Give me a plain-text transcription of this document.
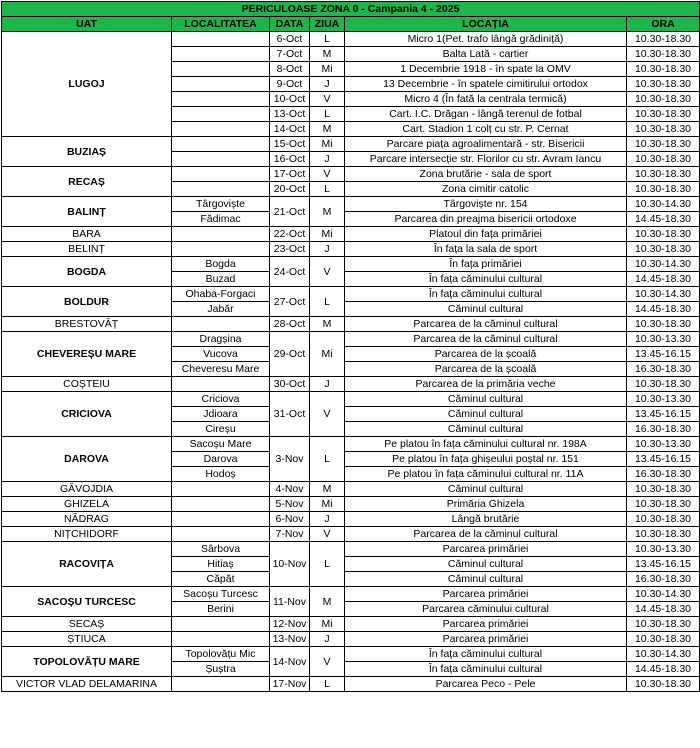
PERICULOASE ZONA 0 - Campania 4 - 2025					
UAT	LOCALITATEA	DATA	ZIUA	LOCAȚIA	ORA
LUGOJ		6-Oct	L	Micro 1(Pet. trafo lângă grădiniță)	10.30-18.30
		7-Oct	M	Balta Lată - cartier	10.30-18.30
		8-Oct	Mi	1 Decembrie 1918 - în spate la OMV	10.30-18.30
		9-Oct	J	13 Decembrie - în spatele cimitirului ortodox	10.30-18.30
		10-Oct	V	Micro 4 (În fată la centrala termică)	10.30-18.30
		13-Oct	L	Cart. I.C. Drăgan - lângă terenul de fotbal	10.30-18.30
		14-Oct	M	Cart. Stadion 1 colț cu str. P. Cernat	10.30-18.30
BUZIAȘ		15-Oct	Mi	Parcare piața agroalimentară - str. Bisericii	10.30-18.30
		16-Oct	J	Parcare intersecție str. Florilor cu str. Avram Iancu	10.30-18.30
RECAȘ		17-Oct	V	Zona brutărie - sala de sport	10.30-18.30
		20-Oct	L	Zona cimitir catolic	10.30-18.30
BALINȚ	Târgoviște	21-Oct	M	Târgoviște nr. 154	10.30-14.30
	Fădimac			Parcarea din preajma bisericii ortodoxe	14.45-18.30
BARA		22-Oct	Mi	Platoul din fața primăriei	10.30-18.30
BELINȚ		23-Oct	J	În fața la sala de sport	10.30-18.30
BOGDA	Bogda	24-Oct	V	În fața primăriei	10.30-14.30
	Buzad			În fața căminului cultural	14.45-18.30
BOLDUR	Ohaba-Forgaci	27-Oct	L	În fața căminului cultural	10.30-14.30
	Jabăr			Căminul cultural	14.45-18.30
BRESTOVĂȚ		28-Oct	M	Parcarea de la căminul cultural	10.30-18.30
CHEVEREȘU MARE	Dragșina	29-Oct	Mi	Parcarea de la căminul cultural	10.30-13.30
	Vucova			Parcarea de la școală	13.45-16.15
	Cheveresu Mare			Parcarea de la școală	16.30-18.30
COȘTEIU		30-Oct	J	Parcarea de la primăria veche	10.30-18.30
CRICIOVA	Criciova	31-Oct	V	Căminul cultural	10.30-13.30
	Jdioara			Căminul cultural	13.45-16.15
	Cireșu			Căminul cultural	16.30-18.30
DAROVA	Sacoșu Mare	3-Nov	L	Pe platou în fața căminului cultural nr. 198A	10.30-13.30
	Darova			Pe platou în fața ghișeului poștal nr. 151	13.45-16.15
	Hodoș			Pe platou în fața căminului cultural nr. 11A	16.30-18.30
GĂVOJDIA		4-Nov	M	Căminul cultural	10.30-18.30
GHIZELA		5-Nov	Mi	Primăria Ghizela	10.30-18.30
NĂDRAG		6-Nov	J	Lângă brutărie	10.30-18.30
NIȚCHIDORF		7-Nov	V	Parcarea de la căminul cultural	10.30-18.30
RACOVIȚA	Sârbova	10-Nov	L	Parcarea primăriei	10.30-13.30
	Hitiaș			Căminul cultural	13.45-16.15
	Căpăt			Căminul cultural	16.30-18.30
SACOȘU TURCESC	Sacoșu Turcesc	11-Nov	M	Parcarea primăriei	10.30-14.30
	Berini			Parcarea căminului cultural	14.45-18.30
SECAȘ		12-Nov	Mi	Parcarea primăriei	10.30-18.30
ȘTIUCA		13-Nov	J	Parcarea primăriei	10.30-18.30
TOPOLOVĂȚU MARE	Topolovățu Mic	14-Nov	V	În fața căminului cultural	10.30-14.30
	Șuștra			În fața căminului cultural	14.45-18.30
VICTOR VLAD DELAMARINA		17-Nov	L	Parcarea Peco - Pele	10.30-18.30
